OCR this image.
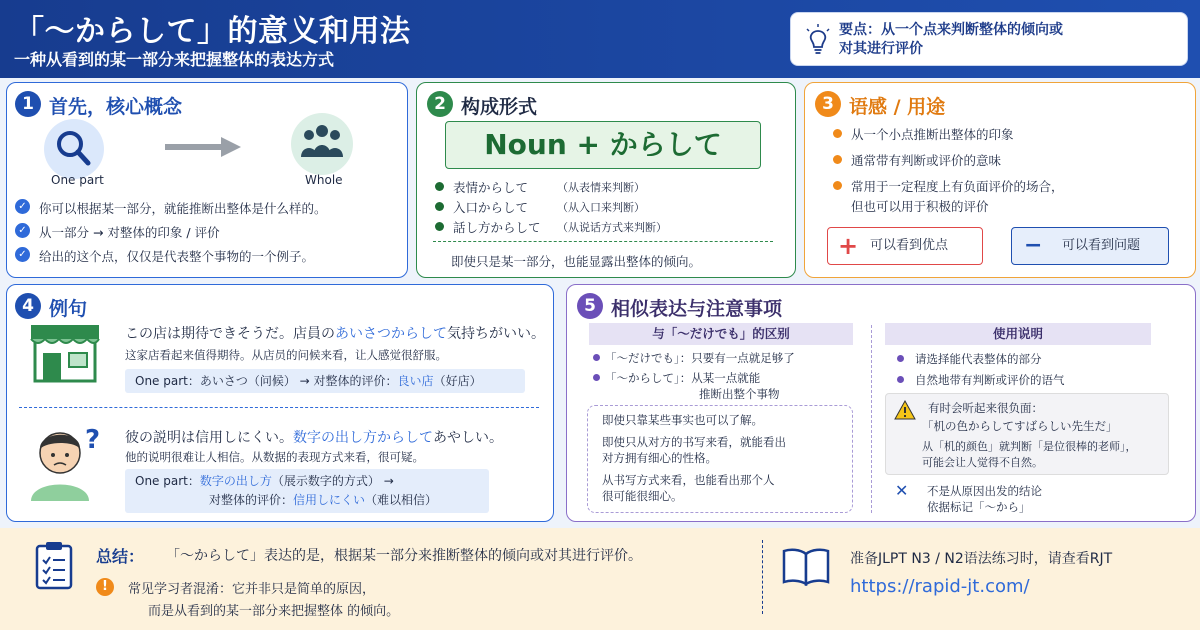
「〜からして」的意义和用法
一种从看到的某一部分来把握整体的表达方式
要点：从一个点来判断整体的倾向或
对其进行评价
1 首先，核心概念
One part	Whole
✓ 你可以根据某一部分，就能推断出整体是什么样的。
✓ 从一部分 → 对整体的印象 / 评价
✓ 给出的这个点，仅仅是代表整个事物的一个例子。
2 构成形式
Noun + からして
表情からして	（从表情来判断）
入口からして	（从入口来判断）
話し方からして （从说话方式来判断）
即使只是某一部分，也能显露出整体的倾向。
3 语感 / 用途
从一个小点推断出整体的印象
通常带有判断或评价的意味
常用于一定程度上有负面评价的场合，
但也可以用于积极的评价
+ 可以看到优点	− 可以看到问题
4 例句
この店は期待できそうだ。店員のあいさつからして気持ちがいい。
这家店看起来值得期待。从店员的问候来看，让人感觉很舒服。
One part：あいさつ（问候） → 对整体的评价：良い店（好店）
? 彼の説明は信用しにくい。数字の出し方からしてあやしい。
他的说明很难让人相信。从数据的表现方式来看，很可疑。
One part：数字の出し方（展示数字的方式） →
对整体的评价：信用しにくい（难以相信）
5 相似表达与注意事项
与「〜だけでも」的区别
「〜だけでも」：只要有一点就足够了
「〜からして」：从某一点就能
推断出整个事物
即使只靠某些事实也可以了解。
即使只从对方的书写来看，就能看出
对方拥有细心的性格。
从书写方式来看，也能看出那个人
很可能很细心。
使用说明
请选择能代表整体的部分
自然地带有判断或评价的语气
有时会听起来很负面：
「机の色からしてすばらしい先生だ」
从「机的颜色」就判断「是位很棒的老师」，
可能会让人觉得不自然。
✕ 不是从原因出发的结论
依据标记「〜から」
总结： 「〜からして」表达的是，根据某一部分来推断整体的倾向或对其进行评价。
!	常见学习者混淆：它并非只是简单的原因，
而是从看到的某一部分来把握整体 的倾向。
准备JLPT N3 / N2语法练习时，请查看RJT
https://rapid-jt.com/
